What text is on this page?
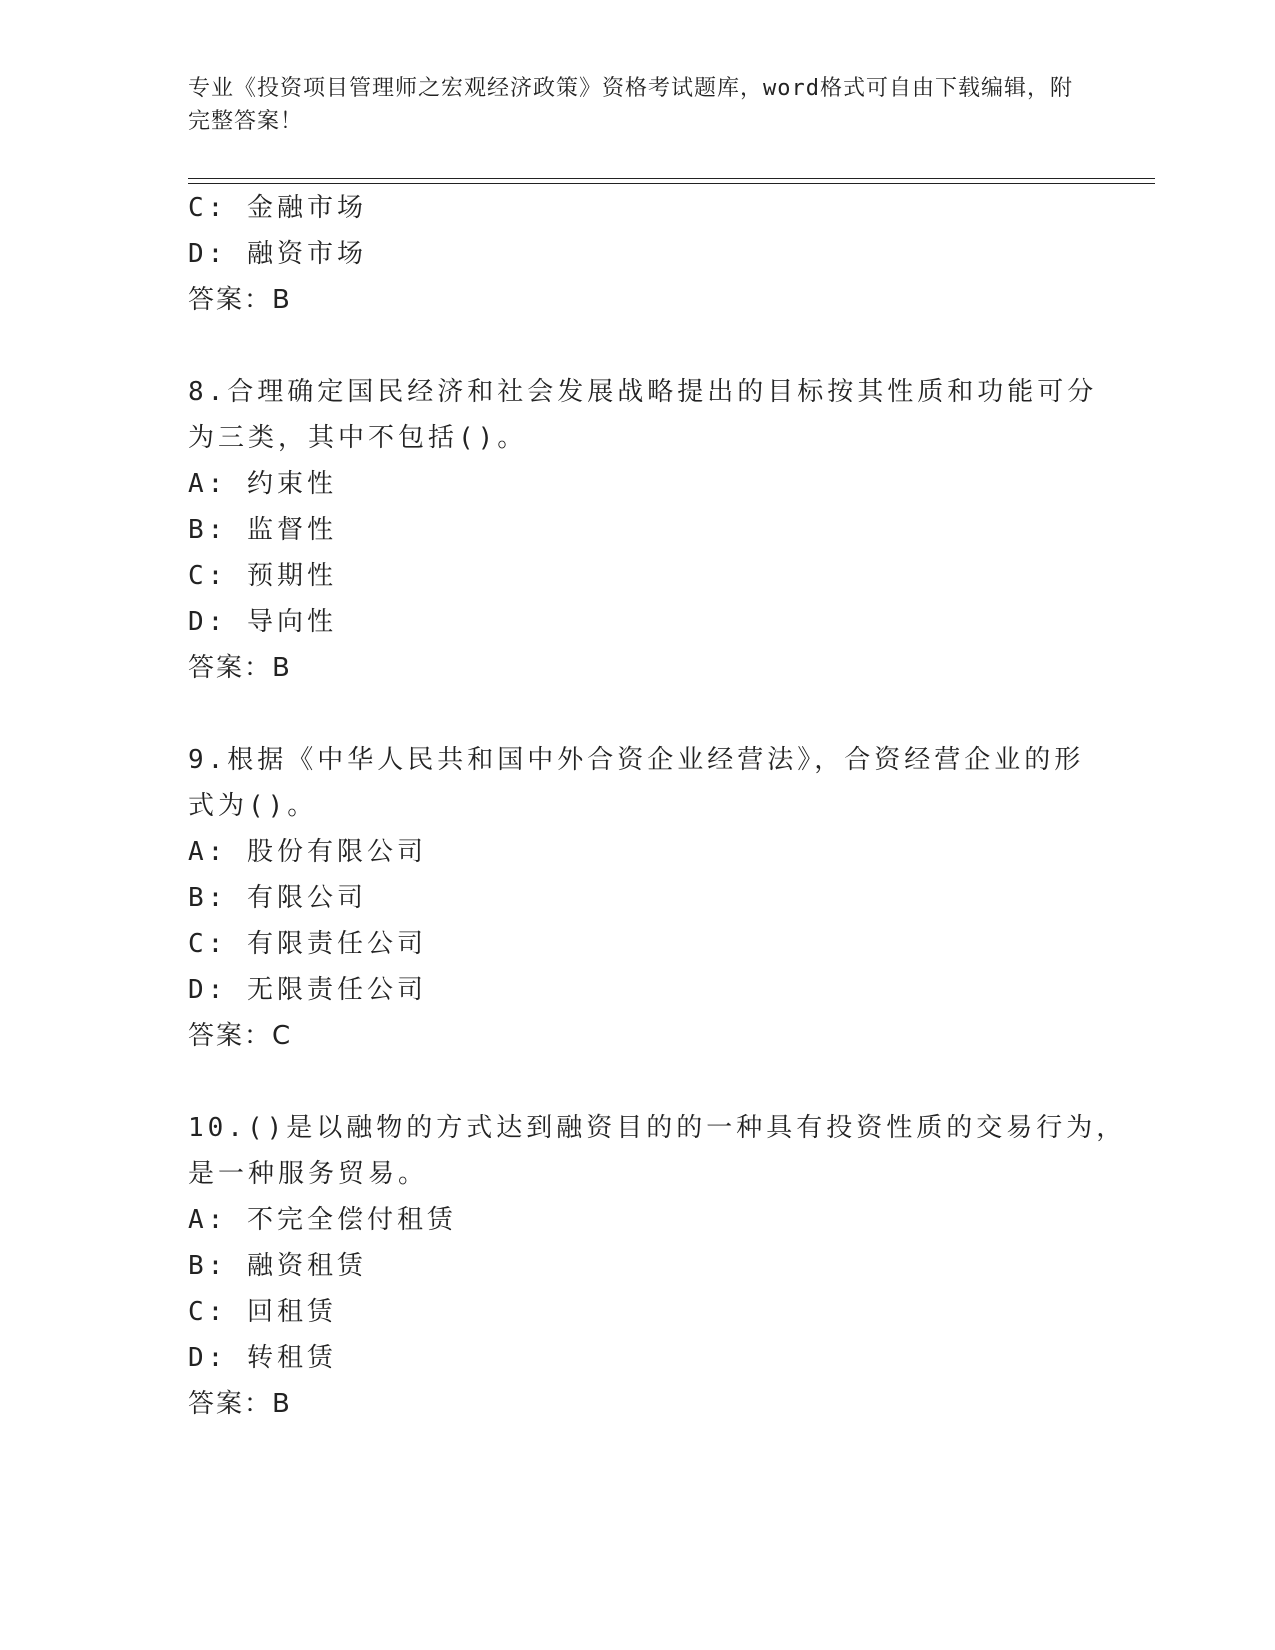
专业《投资项目管理师之宏观经济政策》资格考试题库，word格式可自由下载编辑，附完整答案！
C: 金融市场
D: 融资市场
答案：B
8.合理确定国民经济和社会发展战略提出的目标按其性质和功能可分
为三类，其中不包括()。
A: 约束性
B: 监督性
C: 预期性
D: 导向性
答案：B
9.根据《中华人民共和国中外合资企业经营法》，合资经营企业的形
式为()。
A: 股份有限公司
B: 有限公司
C: 有限责任公司
D: 无限责任公司
答案：C
10.()是以融物的方式达到融资目的的一种具有投资性质的交易行为，
是一种服务贸易。
A: 不完全偿付租赁
B: 融资租赁
C: 回租赁
D: 转租赁
答案：B
